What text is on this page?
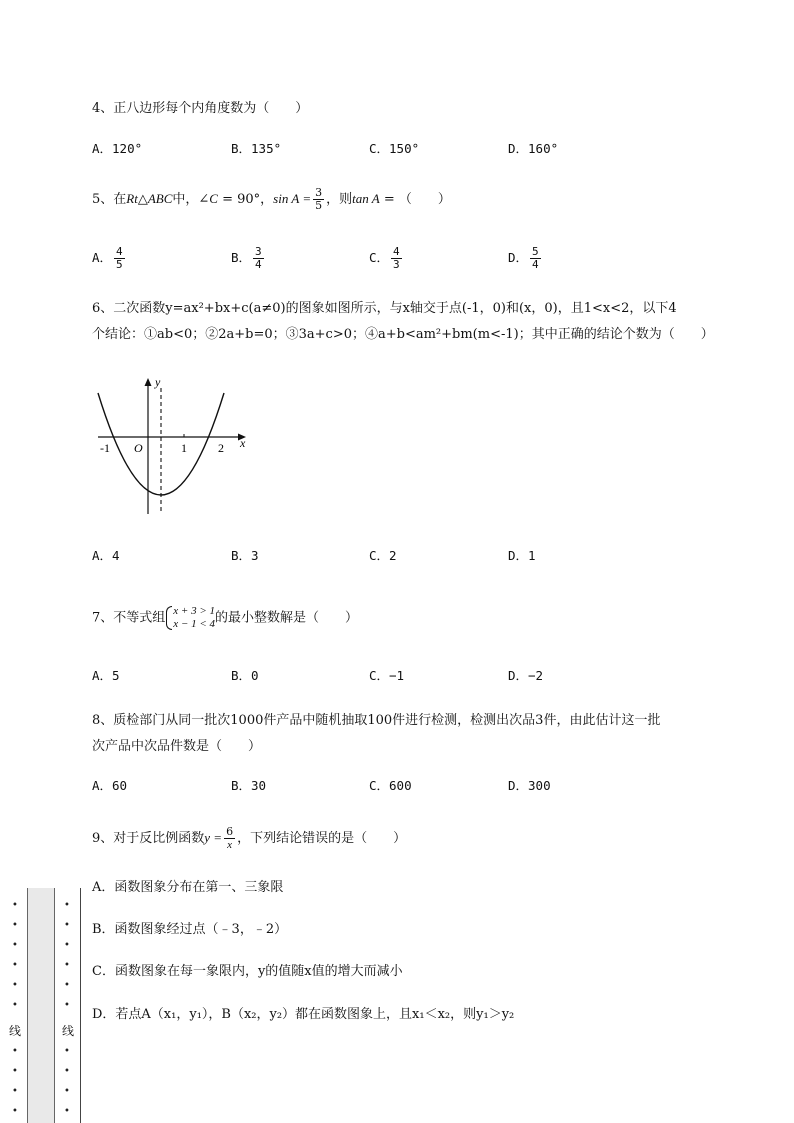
4、正八边形每个内角度数为（　　）
A．120°	B．135°	C．150°	D．160°
5、在Rt△ABC中，∠C = 90°，$\sin A = \frac{3}{5}$ ，则tan A = （　　）
A． $\frac{4}{5}$	B． $\frac{3}{4}$	C． $\frac{4}{3}$	D． $\frac{5}{4}$
6、二次函数y=ax²+bx+c(a≠0)的图象如图所示，与x轴交于点(-1，0)和(x，0)，且1<x<2，以下4
个结论：①ab<0；②2a+b=0；③3a+c>0；④a+b<am²+bm(m<-1)；其中正确的结论个数为（　　）
y
x
-1 O	1	2
A．4	B．3	C．2	D．1
7、不等式组 x + 3 > 1
x − 1 < 4 的最小整数解是（　　）
A．5	B．0	C．−1	D．−2
8、质检部门从同一批次1000件产品中随机抽取100件进行检测，检测出次品3件，由此估计这一批
次产品中次品件数是（　　）
A．60	B．30	C．600	D．300
9、对于反比例函数$y = \frac{6}{x}$ ，下列结论错误的是（　　）
A．函数图象分布在第一、三象限
B．函数图象经过点（﹣3，﹣2）
C．函数图象在每一象限内，y的值随x值的增大而减小
D．若点A（x₁，y₁），B（x₂，y₂）都在函数图象上，且x₁＜x₂，则y₁＞y₂
•
•
•
•
•
•
线
•
•
•
•
•
•
•
•
•
•
线
•
•
•
•
